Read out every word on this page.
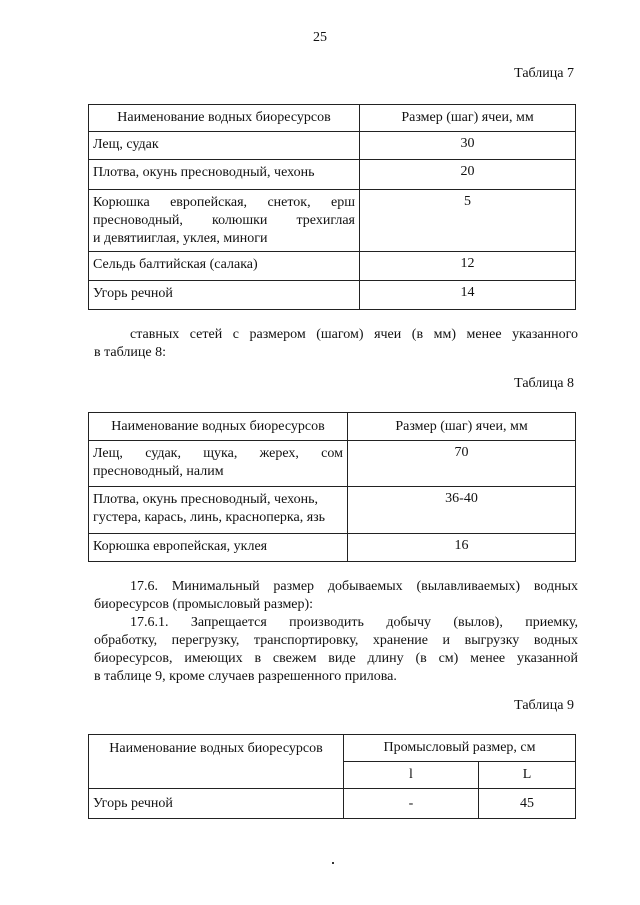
25
Таблица 7
Наименование водных биоресурсов	Размер (шаг) ячеи, мм
Лещ, судак	30
Плотва, окунь пресноводный, чехонь	20

Корюшка европейская, снеток, ерш
пресноводный, колюшки трехиглая
и девятииглая, уклея, миноги	5
Сельдь балтийская (салака)	12
Угорь речной	14
ставных сетей с размером (шагом) ячеи (в мм) менее указанного
в таблице 8:
Таблица 8
Наименование водных биоресурсов	Размер (шаг) ячеи, мм

Лещ, судак, щука, жерех, сом
пресноводный, налим	70

Плотва, окунь пресноводный, чехонь,
густера, карась, линь, красноперка, язь	36-40
Корюшка европейская, уклея	16
17.6. Минимальный размер добываемых (вылавливаемых) водных
биоресурсов (промысловый размер):
17.6.1. Запрещается производить добычу (вылов), приемку,
обработку, перегрузку, транспортировку, хранение и выгрузку водных
биоресурсов, имеющих в свежем виде длину (в см) менее указанной
в таблице 9, кроме случаев разрешенного прилова.
Таблица 9
Наименование водных биоресурсов	Промысловый размер, см	
	l	L
Угорь речной	-	45
